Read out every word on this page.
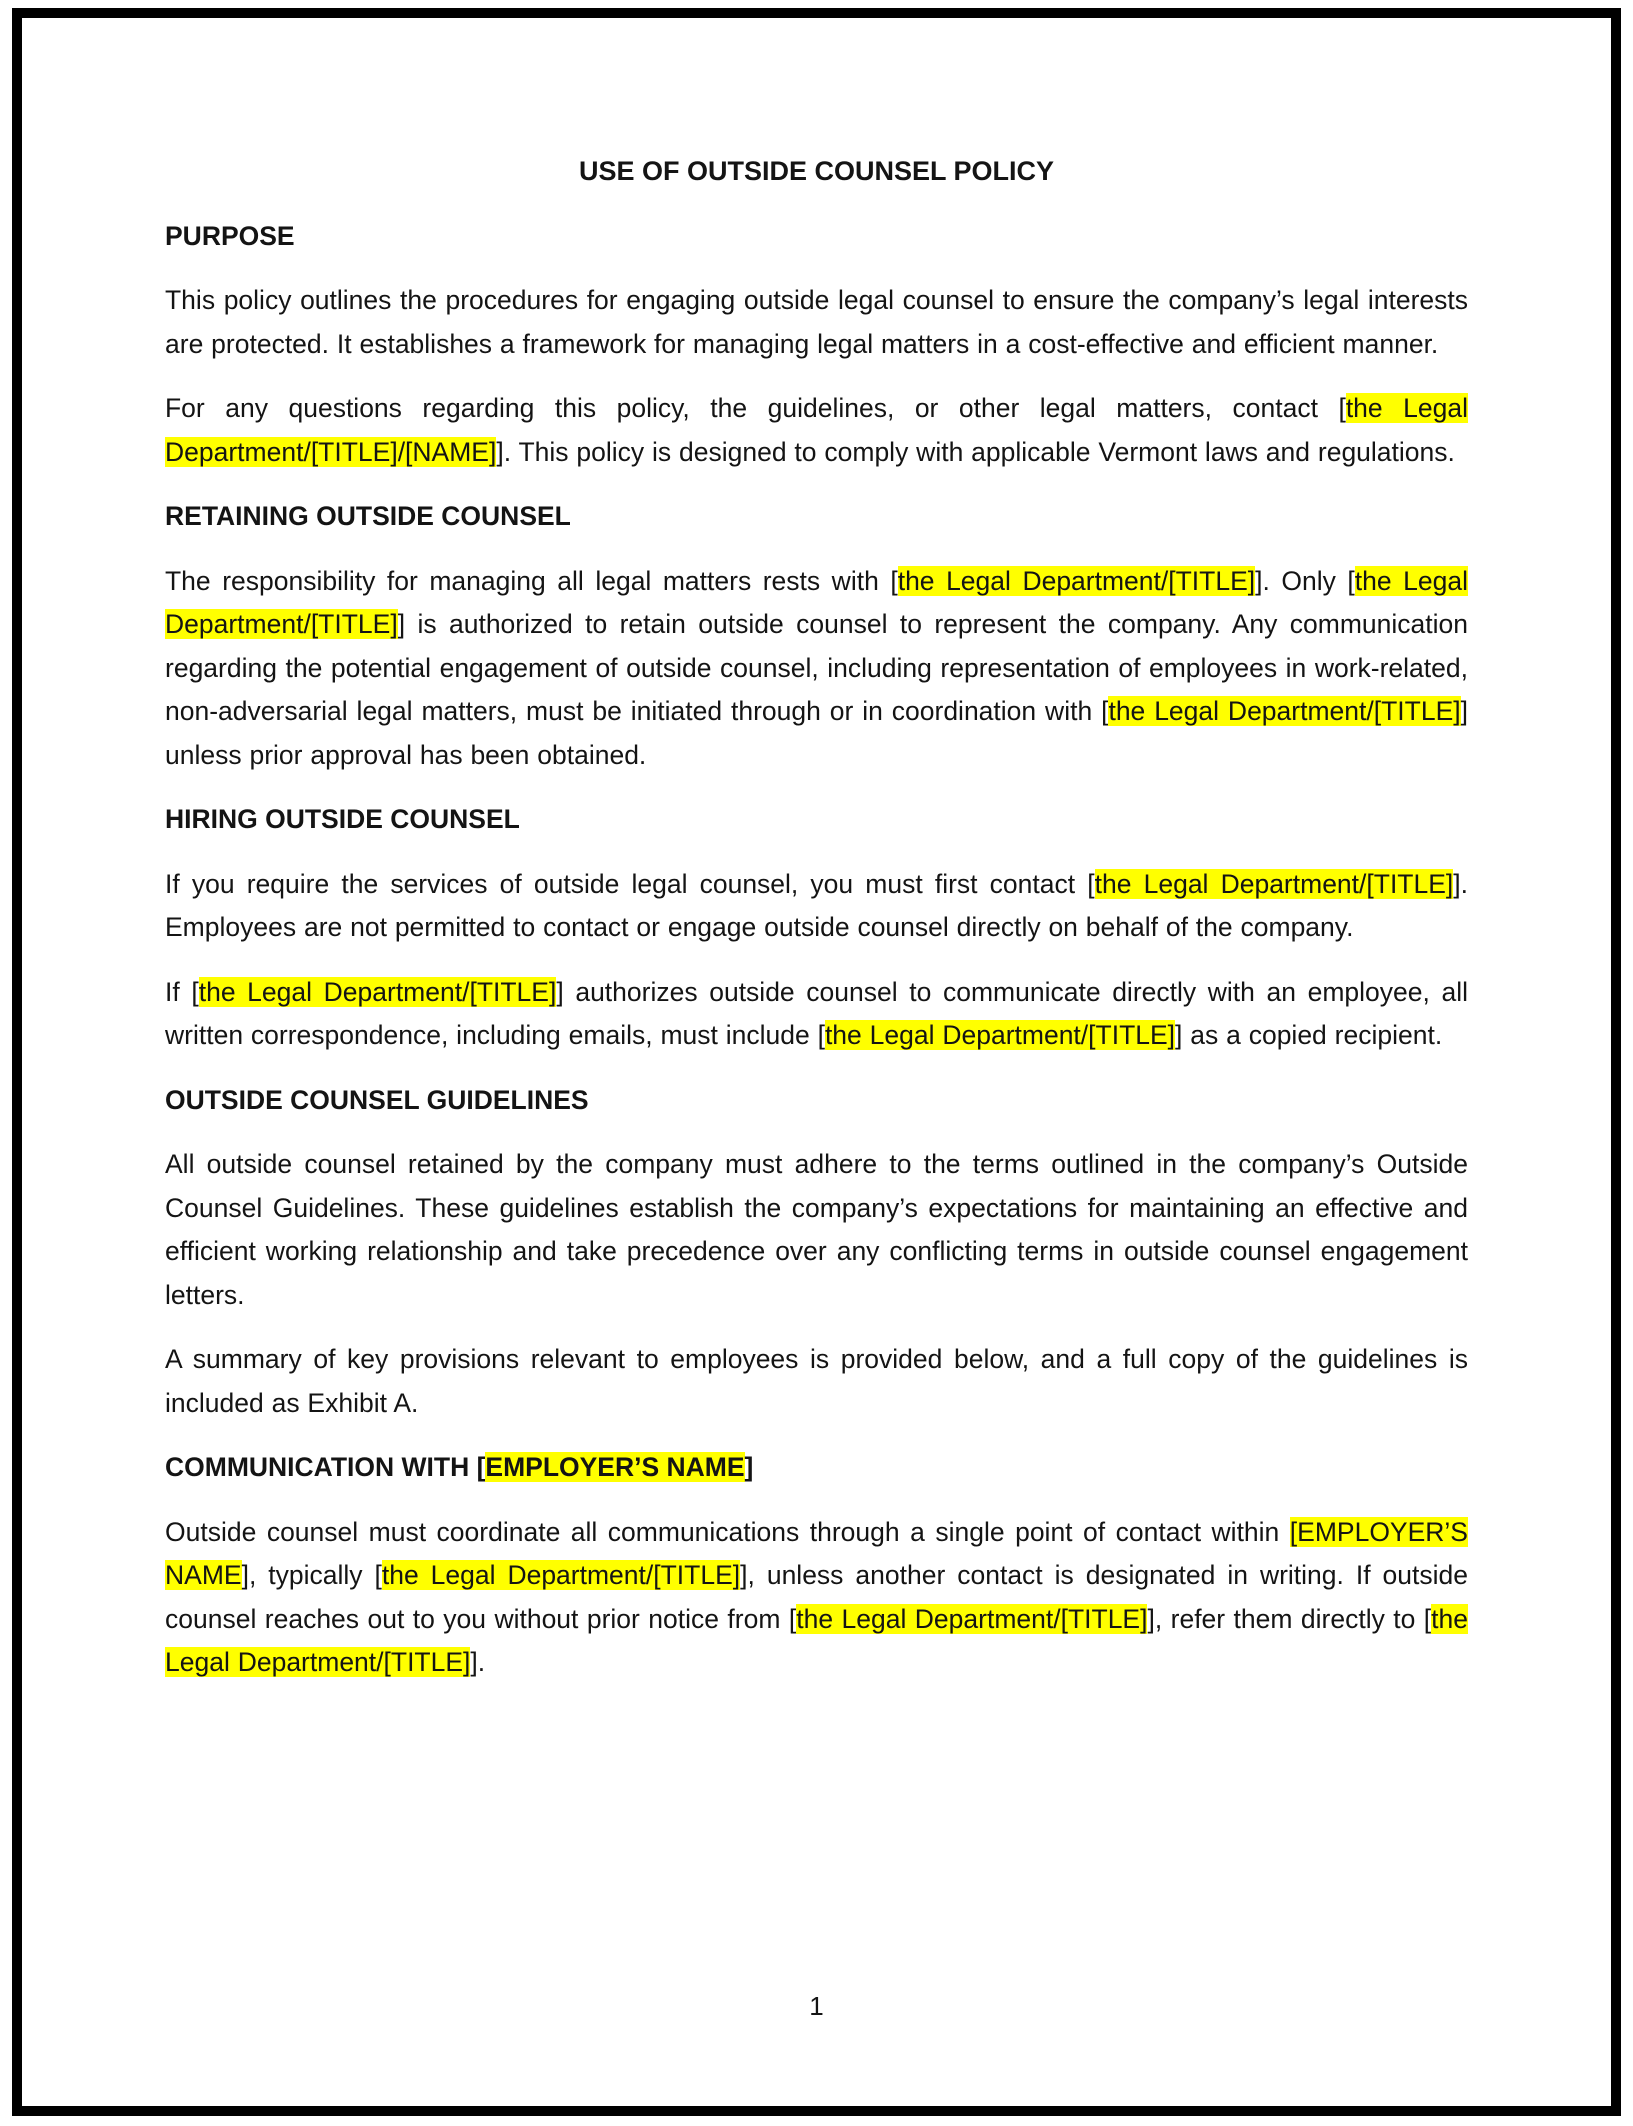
USE OF OUTSIDE COUNSEL POLICY
PURPOSE

This policy outlines the procedures for engaging outside legal counsel to ensure the company’s legal interests are protected. It establishes a framework for managing legal matters in a cost-effective and efficient manner.

For any questions regarding this policy, the guidelines, or other legal matters, contact [the Legal Department/[TITLE]/[NAME]]. This policy is designed to comply with applicable Vermont laws and regulations.

RETAINING OUTSIDE COUNSEL

The responsibility for managing all legal matters rests with [the Legal Department/[TITLE]]. Only [the Legal Department/[TITLE]] is authorized to retain outside counsel to represent the company. Any communication regarding the potential engagement of outside counsel, including representation of employees in work-related, non-adversarial legal matters, must be initiated through or in coordination with [the Legal Department/[TITLE]] unless prior approval has been obtained.

HIRING OUTSIDE COUNSEL

If you require the services of outside legal counsel, you must first contact [the Legal Department/[TITLE]]. Employees are not permitted to contact or engage outside counsel directly on behalf of the company.

If [the Legal Department/[TITLE]] authorizes outside counsel to communicate directly with an employee, all written correspondence, including emails, must include [the Legal Department/[TITLE]] as a copied recipient.

OUTSIDE COUNSEL GUIDELINES

All outside counsel retained by the company must adhere to the terms outlined in the company’s Outside Counsel Guidelines. These guidelines establish the company’s expectations for maintaining an effective and efficient working relationship and take precedence over any conflicting terms in outside counsel engagement letters.

A summary of key provisions relevant to employees is provided below, and a full copy of the guidelines is included as Exhibit A.

COMMUNICATION WITH [EMPLOYER’S NAME]

Outside counsel must coordinate all communications through a single point of contact within [EMPLOYER’S NAME], typically [the Legal Department/[TITLE]], unless another contact is designated in writing. If outside counsel reaches out to you without prior notice from [the Legal Department/[TITLE]], refer them directly to [the Legal Department/[TITLE]].

1
